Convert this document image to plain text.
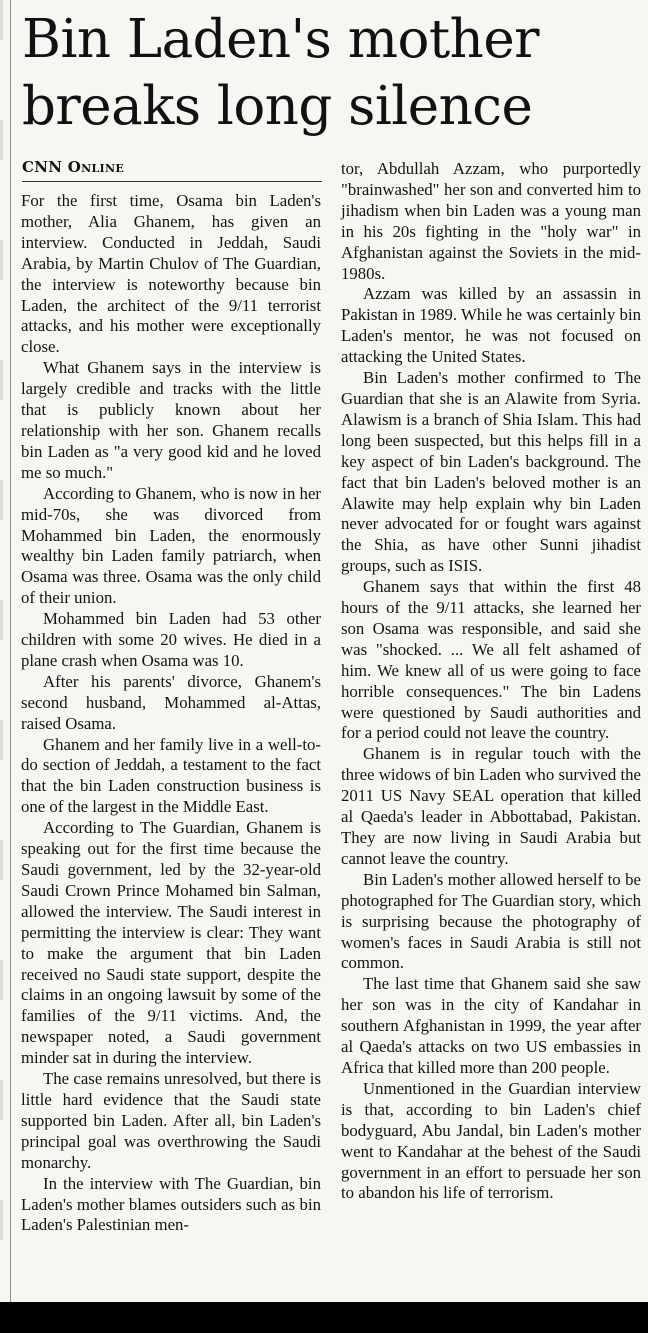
Bin Laden's mother breaks long silence
CNN Online

For the first time, Osama bin Laden's mother, Alia Ghanem, has given an interview. Conducted in Jeddah, Saudi Arabia, by Martin Chulov of The Guardian, the interview is noteworthy because bin Laden, the architect of the 9/11 terrorist attacks, and his mother were exceptionally close.

What Ghanem says in the interview is largely credible and tracks with the little that is publicly known about her relationship with her son. Ghanem recalls bin Laden as "a very good kid and he loved me so much."

According to Ghanem, who is now in her mid-70s, she was divorced from Mohammed bin Laden, the enormously wealthy bin Laden family patriarch, when Osama was three. Osama was the only child of their union.

Mohammed bin Laden had 53 other children with some 20 wives. He died in a plane crash when Osama was 10.

After his parents' divorce, Ghanem's second husband, Mohammed al-Attas, raised Osama.

Ghanem and her family live in a well-to-do section of Jeddah, a testament to the fact that the bin Laden construction business is one of the largest in the Middle East.

According to The Guardian, Ghanem is speaking out for the first time because the Saudi government, led by the 32-year-old Saudi Crown Prince Mohamed bin Salman, allowed the interview. The Saudi interest in permitting the interview is clear: They want to make the argument that bin Laden received no Saudi state support, despite the claims in an ongoing lawsuit by some of the families of the 9/11 victims. And, the newspaper noted, a Saudi government minder sat in during the interview.

The case remains unresolved, but there is little hard evidence that the Saudi state supported bin Laden. After all, bin Laden's principal goal was overthrowing the Saudi monarchy.

In the interview with The Guardian, bin Laden's mother blames outsiders such as bin Laden's Palestinian men-

tor, Abdullah Azzam, who purportedly "brainwashed" her son and converted him to jihadism when bin Laden was a young man in his 20s fighting in the "holy war" in Afghanistan against the Soviets in the mid-1980s.

Azzam was killed by an assassin in Pakistan in 1989. While he was certainly bin Laden's mentor, he was not focused on attacking the United States.

Bin Laden's mother confirmed to The Guardian that she is an Alawite from Syria. Alawism is a branch of Shia Islam. This had long been suspected, but this helps fill in a key aspect of bin Laden's background. The fact that bin Laden's beloved mother is an Alawite may help explain why bin Laden never advocated for or fought wars against the Shia, as have other Sunni jihadist groups, such as ISIS.

Ghanem says that within the first 48 hours of the 9/11 attacks, she learned her son Osama was responsible, and said she was "shocked. ... We all felt ashamed of him. We knew all of us were going to face horrible consequences." The bin Ladens were questioned by Saudi authorities and for a period could not leave the country.

Ghanem is in regular touch with the three widows of bin Laden who survived the 2011 US Navy SEAL operation that killed al Qaeda's leader in Abbottabad, Pakistan. They are now living in Saudi Arabia but cannot leave the country.

Bin Laden's mother allowed herself to be photographed for The Guardian story, which is surprising because the photography of women's faces in Saudi Arabia is still not common.

The last time that Ghanem said she saw her son was in the city of Kandahar in southern Afghanistan in 1999, the year after al Qaeda's attacks on two US embassies in Africa that killed more than 200 people.

Unmentioned in the Guardian interview is that, according to bin Laden's chief bodyguard, Abu Jandal, bin Laden's mother went to Kandahar at the behest of the Saudi government in an effort to persuade her son to abandon his life of terrorism.
